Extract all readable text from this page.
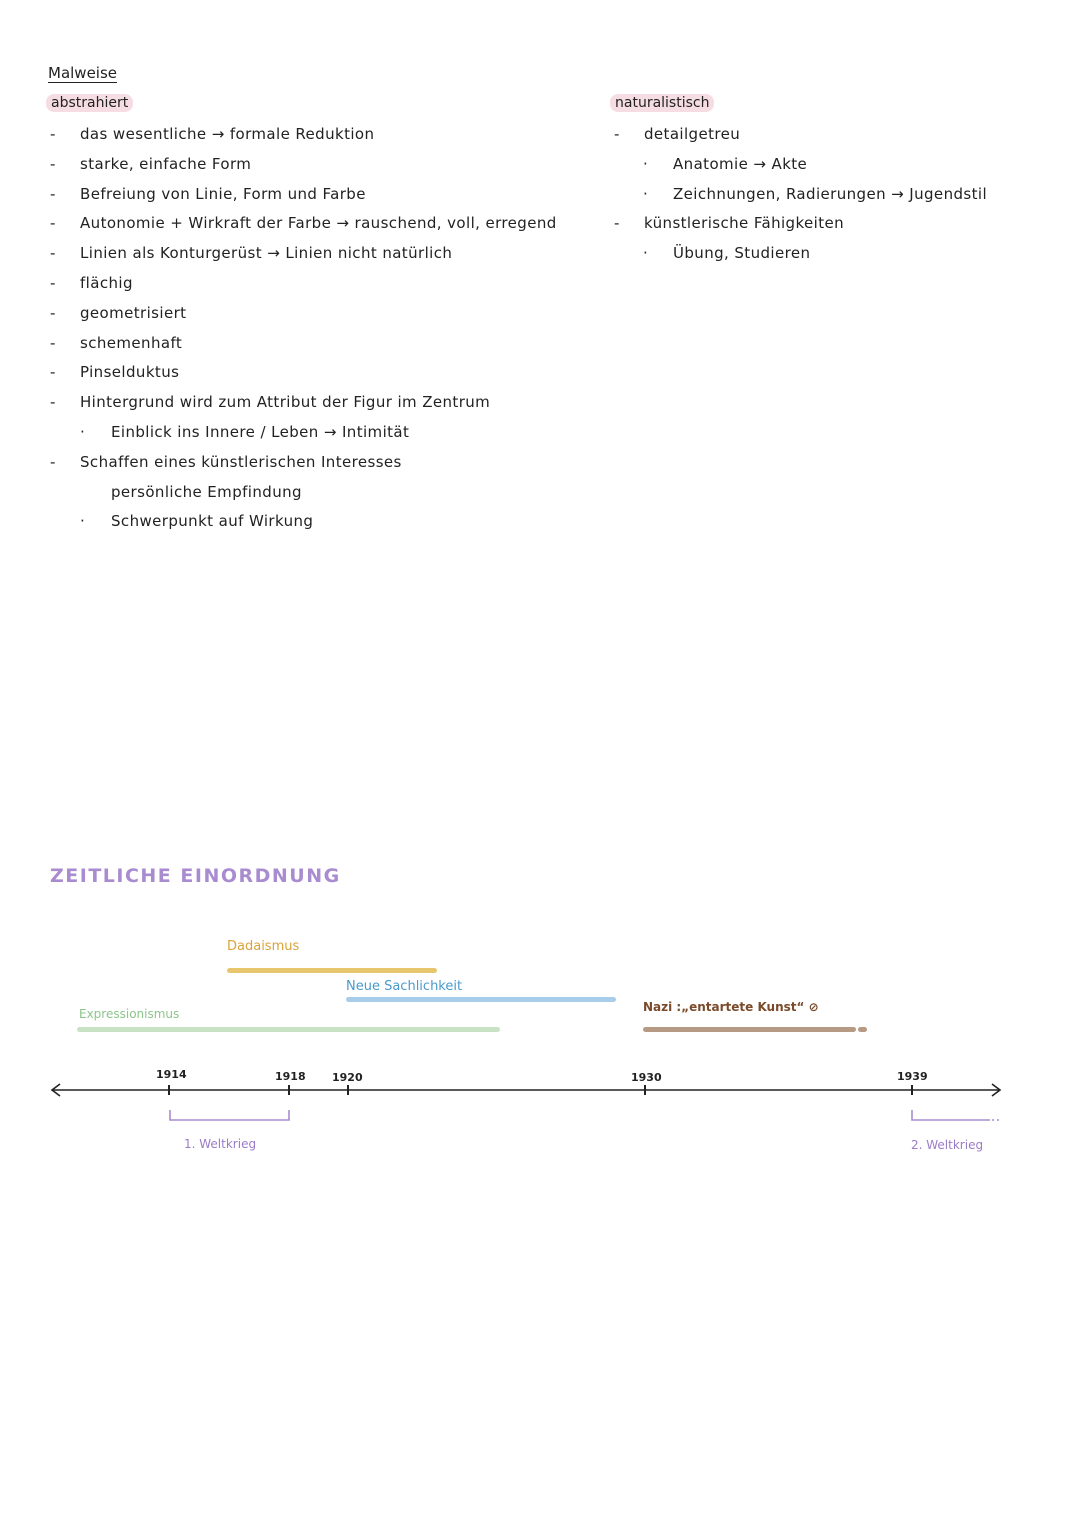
Malweise
abstrahiert
- das wesentliche → formale Reduktion
- starke, einfache Form
- Befreiung von Linie, Form und Farbe
- Autonomie + Wirkraft der Farbe → rauschend, voll, erregend
- Linien als Konturgerüst → Linien nicht natürlich
- flächig
- geometrisiert
- schemenhaft
- Pinselduktus
- Hintergrund wird zum Attribut der Figur im Zentrum
· Einblick ins Innere / Leben → Intimität
- Schaffen eines künstlerischen Interesses
persönliche Empfindung
· Schwerpunkt auf Wirkung
naturalistisch
- detailgetreu
· Anatomie → Akte
· Zeichnungen, Radierungen → Jugendstil
- künstlerische Fähigkeiten
· Übung, Studieren
ZEITLICHE EINORDNUNG
Dadaismus
Neue Sachlichkeit
Expressionismus	Nazi :„entartete Kunst“ ⊘
1914	1918 1920	1930	1939
1. Weltkrieg	2. Weltkrieg
